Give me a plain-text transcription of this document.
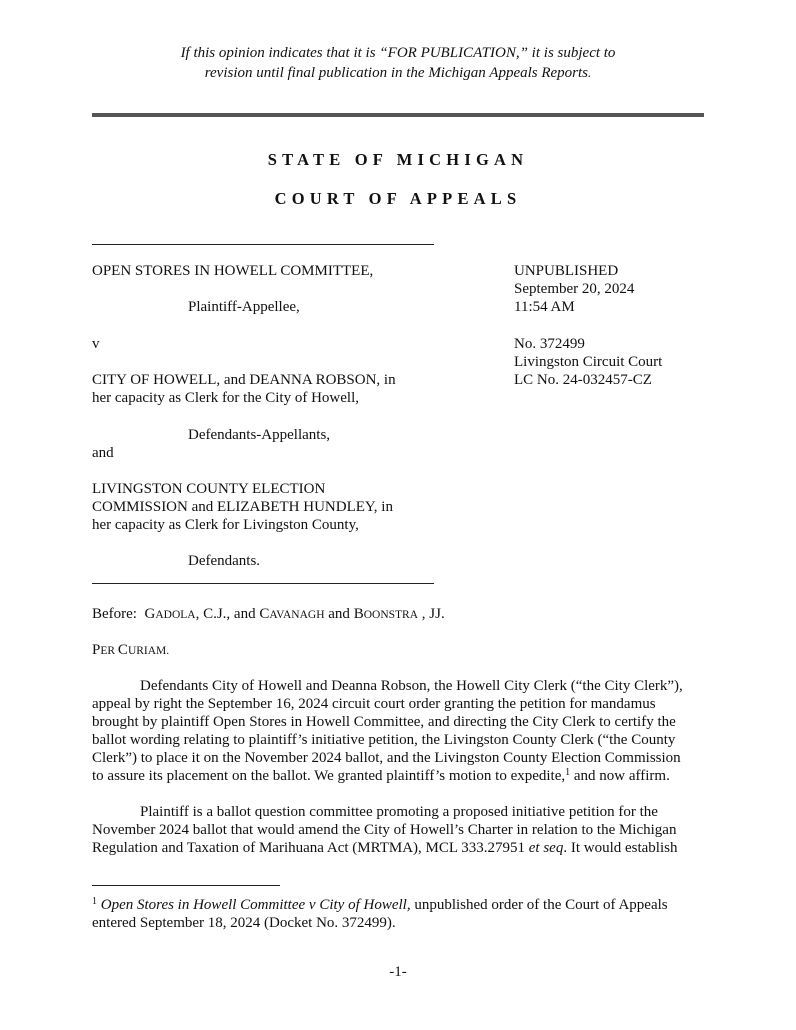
If this opinion indicates that it is “FOR PUBLICATION,” it is subject to
revision until final publication in the Michigan Appeals Reports.
STATE OF MICHIGAN
COURT OF APPEALS
OPEN STORES IN HOWELL COMMITTEE,
Plaintiff-Appellee,
v
CITY OF HOWELL, and DEANNA ROBSON, in
her capacity as Clerk for the City of Howell,
Defendants-Appellants,
and
LIVINGSTON COUNTY ELECTION
COMMISSION and ELIZABETH HUNDLEY, in
her capacity as Clerk for Livingston County,
Defendants.
UNPUBLISHED
September 20, 2024
11:54 AM
No. 372499
Livingston Circuit Court
LC No. 24-032457-CZ
Before: GADOLA, C.J., and CAVANAGH and BOONSTRA , JJ.
PER CURIAM.
Defendants City of Howell and Deanna Robson, the Howell City Clerk (“the City Clerk”),
appeal by right the September 16, 2024 circuit court order granting the petition for mandamus
brought by plaintiff Open Stores in Howell Committee, and directing the City Clerk to certify the
ballot wording relating to plaintiff’s initiative petition, the Livingston County Clerk (“the County
Clerk”) to place it on the November 2024 ballot, and the Livingston County Election Commission
to assure its placement on the ballot. We granted plaintiff’s motion to expedite,$^1$ and now affirm.
Plaintiff is a ballot question committee promoting a proposed initiative petition for the
November 2024 ballot that would amend the City of Howell’s Charter in relation to the Michigan
Regulation and Taxation of Marihuana Act (MRTMA), MCL 333.27951 et seq. It would establish
$^1$ Open Stores in Howell Committee v City of Howell, unpublished order of the Court of Appeals
entered September 18, 2024 (Docket No. 372499).
-1-
